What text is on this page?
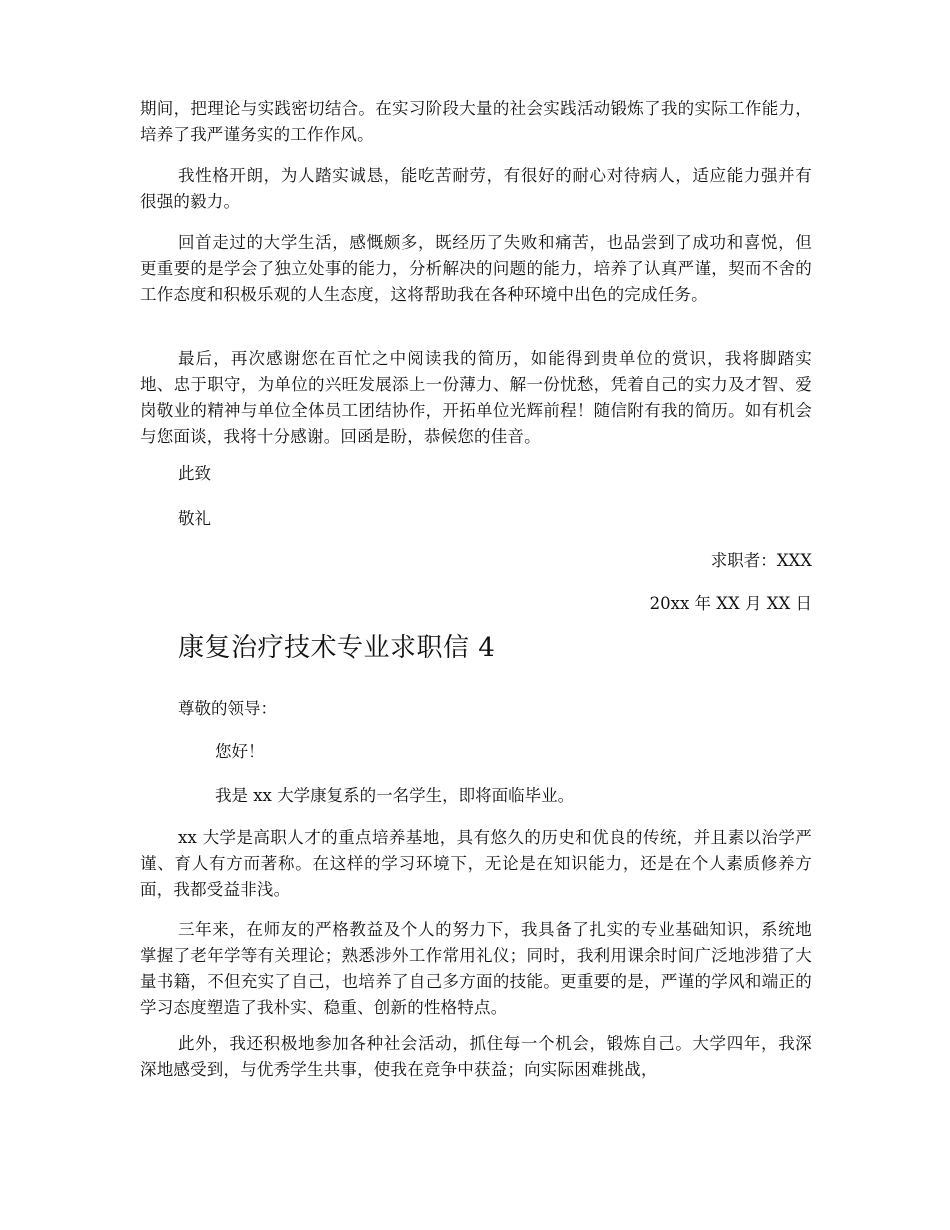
期间，把理论与实践密切结合。在实习阶段大量的社会实践活动锻炼了我的实际工作能力，培养了我严谨务实的工作作风。

我性格开朗，为人踏实诚恳，能吃苦耐劳，有很好的耐心对待病人，适应能力强并有很强的毅力。

回首走过的大学生活，感慨颇多，既经历了失败和痛苦，也品尝到了成功和喜悦，但更重要的是学会了独立处事的能力，分析解决的问题的能力，培养了认真严谨，契而不舍的工作态度和积极乐观的人生态度，这将帮助我在各种环境中出色的完成任务。

最后，再次感谢您在百忙之中阅读我的简历，如能得到贵单位的赏识，我将脚踏实地、忠于职守，为单位的兴旺发展添上一份薄力、解一份忧愁，凭着自己的实力及才智、爱岗敬业的精神与单位全体员工团结协作，开拓单位光辉前程！随信附有我的简历。如有机会与您面谈，我将十分感谢。回函是盼，恭候您的佳音。

此致

敬礼

求职者：XXX

20xx 年 XX 月 XX 日

康复治疗技术专业求职信 4

尊敬的领导：

您好！

我是 xx 大学康复系的一名学生，即将面临毕业。

xx 大学是高职人才的重点培养基地，具有悠久的历史和优良的传统，并且素以治学严谨、育人有方而著称。在这样的学习环境下，无论是在知识能力，还是在个人素质修养方面，我都受益非浅。

三年来，在师友的严格教益及个人的努力下，我具备了扎实的专业基础知识，系统地掌握了老年学等有关理论；熟悉涉外工作常用礼仪；同时，我利用课余时间广泛地涉猎了大量书籍，不但充实了自己，也培养了自己多方面的技能。更重要的是，严谨的学风和端正的学习态度塑造了我朴实、稳重、创新的性格特点。

此外，我还积极地参加各种社会活动，抓住每一个机会，锻炼自己。大学四年，我深深地感受到，与优秀学生共事，使我在竞争中获益；向实际困难挑战，
